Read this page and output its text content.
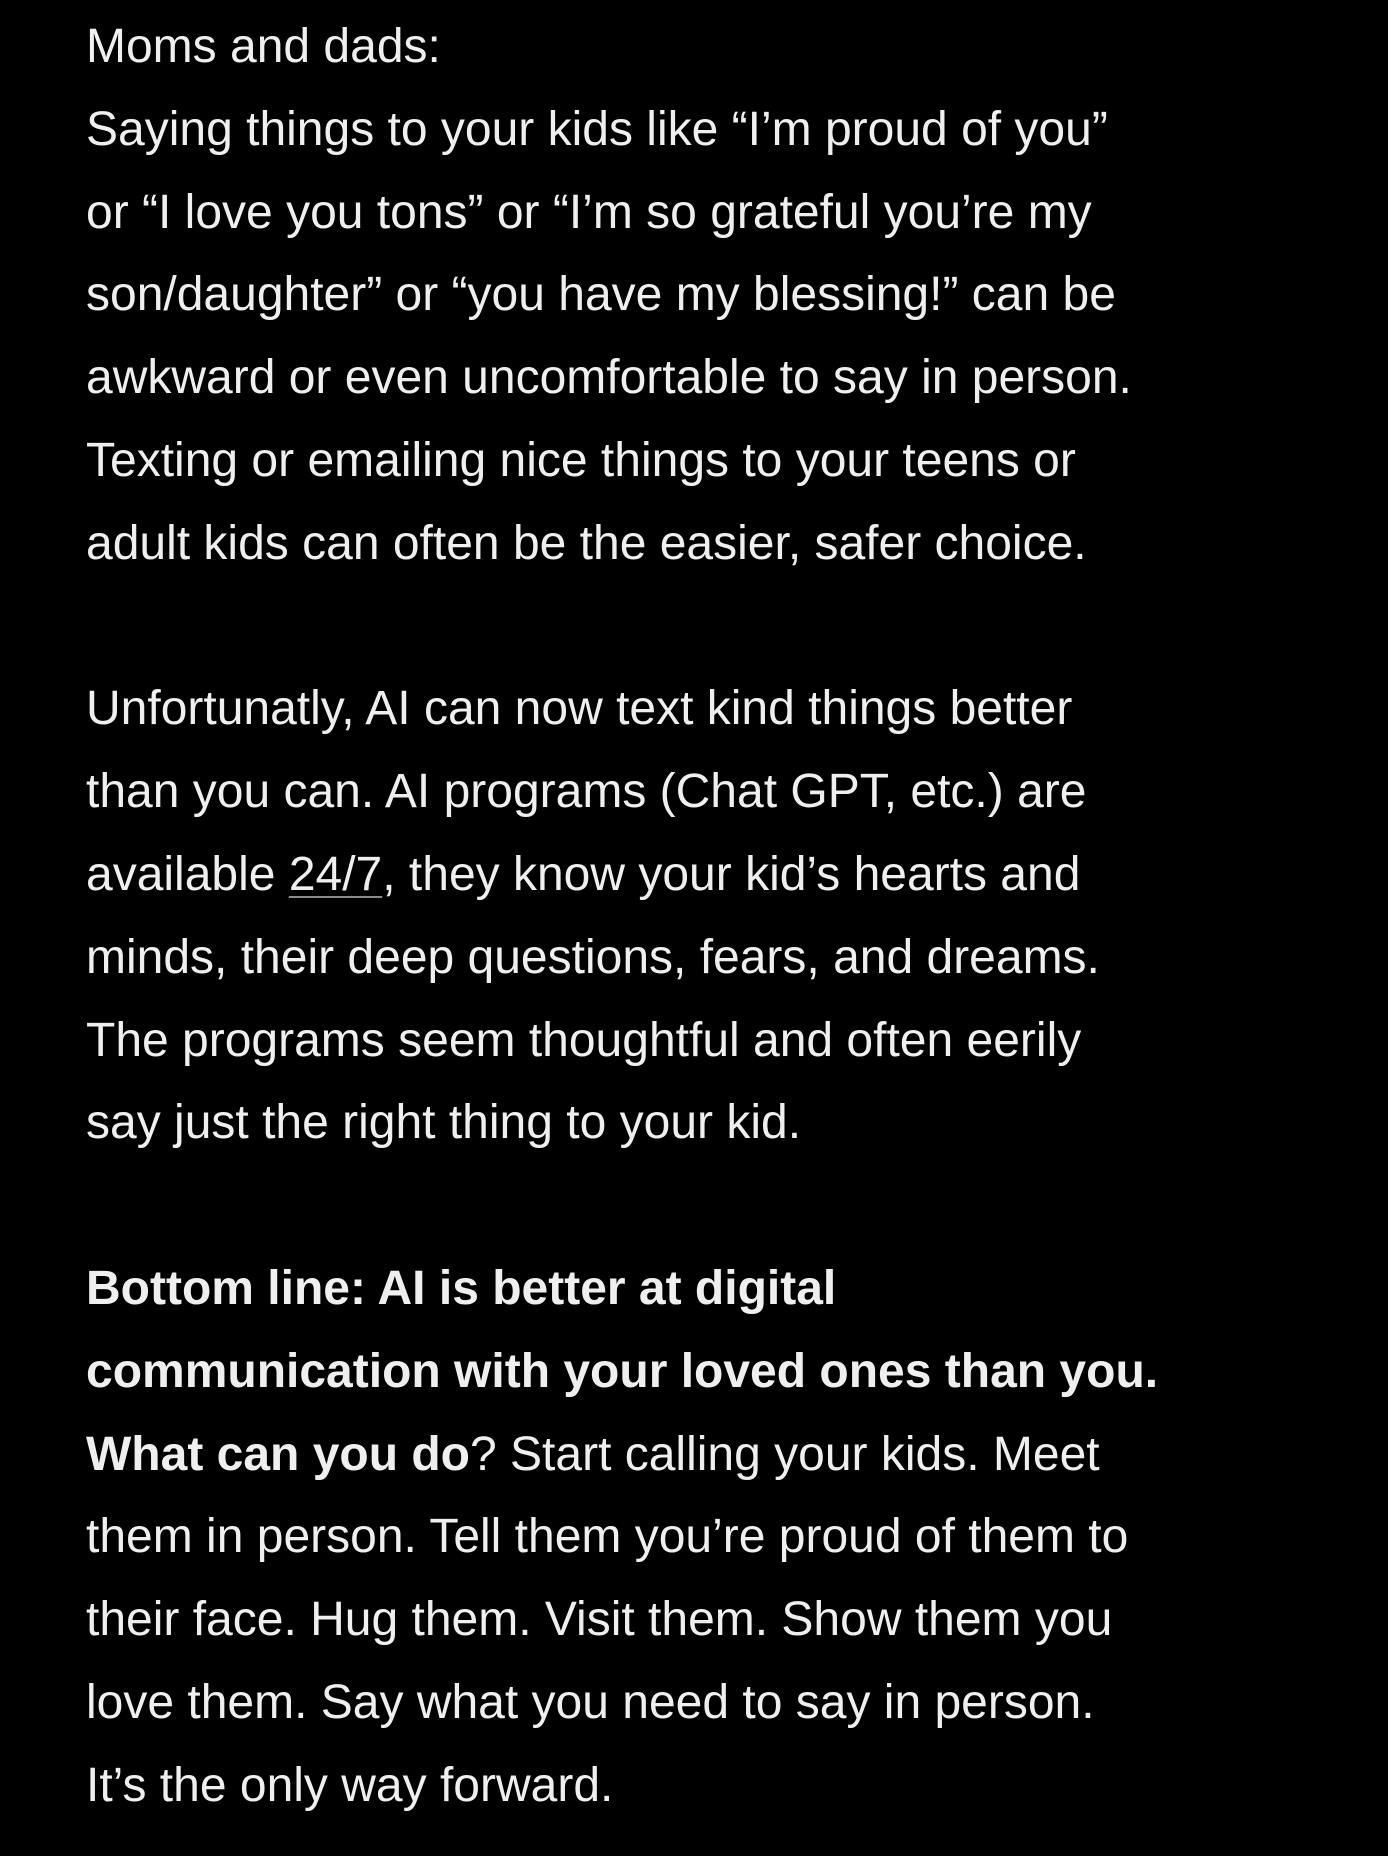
Moms and dads:
Saying things to your kids like “I’m proud of you”
or “I love you tons” or “I’m so grateful you’re my
son/daughter” or “you have my blessing!” can be
awkward or even uncomfortable to say in person.
Texting or emailing nice things to your teens or
adult kids can often be the easier, safer choice.
Unfortunatly, AI can now text kind things better
than you can. AI programs (Chat GPT, etc.) are
available 24/7, they know your kid’s hearts and
minds, their deep questions, fears, and dreams.
The programs seem thoughtful and often eerily
say just the right thing to your kid.
Bottom line: AI is better at digital
communication with your loved ones than you.
What can you do? Start calling your kids. Meet
them in person. Tell them you’re proud of them to
their face. Hug them. Visit them. Show them you
love them. Say what you need to say in person.
It’s the only way forward.
